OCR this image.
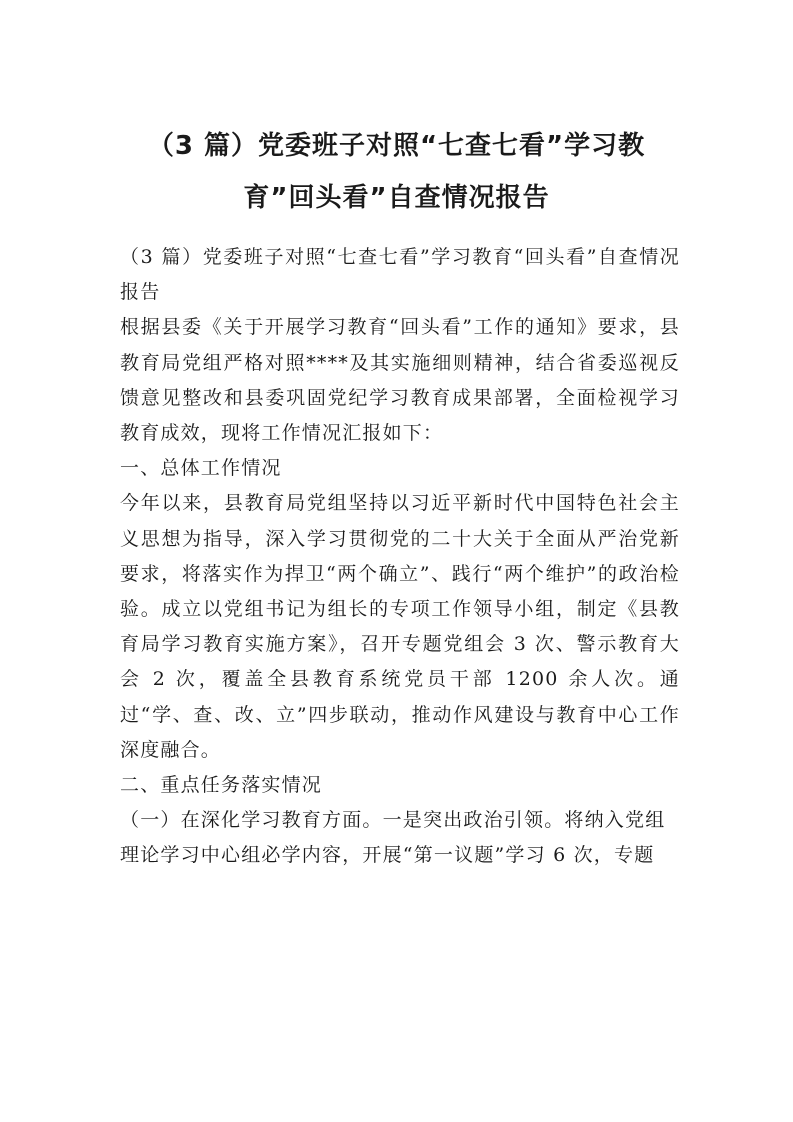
（3 篇）党委班子对照“七查七看”学习教
育”回头看”自查情况报告

（3 篇）党委班子对照“七查七看”学习教育“回头看”自查情况报告

根据县委《关于开展学习教育“回头看”工作的通知》要求，县教育局党组严格对照****及其实施细则精神，结合省委巡视反馈意见整改和县委巩固党纪学习教育成果部署，全面检视学习教育成效，现将工作情况汇报如下：

一、总体工作情况

今年以来，县教育局党组坚持以习近平新时代中国特色社会主义思想为指导，深入学习贯彻党的二十大关于全面从严治党新要求，将落实作为捍卫“两个确立”、践行“两个维护”的政治检验。成立以党组书记为组长的专项工作领导小组，制定《县教育局学习教育实施方案》，召开专题党组会 3 次、警示教育大会 2 次，覆盖全县教育系统党员干部 1200 余人次。通过“学、查、改、立”四步联动，推动作风建设与教育中心工作深度融合。

二、重点任务落实情况

（一）在深化学习教育方面。一是突出政治引领。将纳入党组

理论学习中心组必学内容，开展“第一议题”学习 6 次，专题
